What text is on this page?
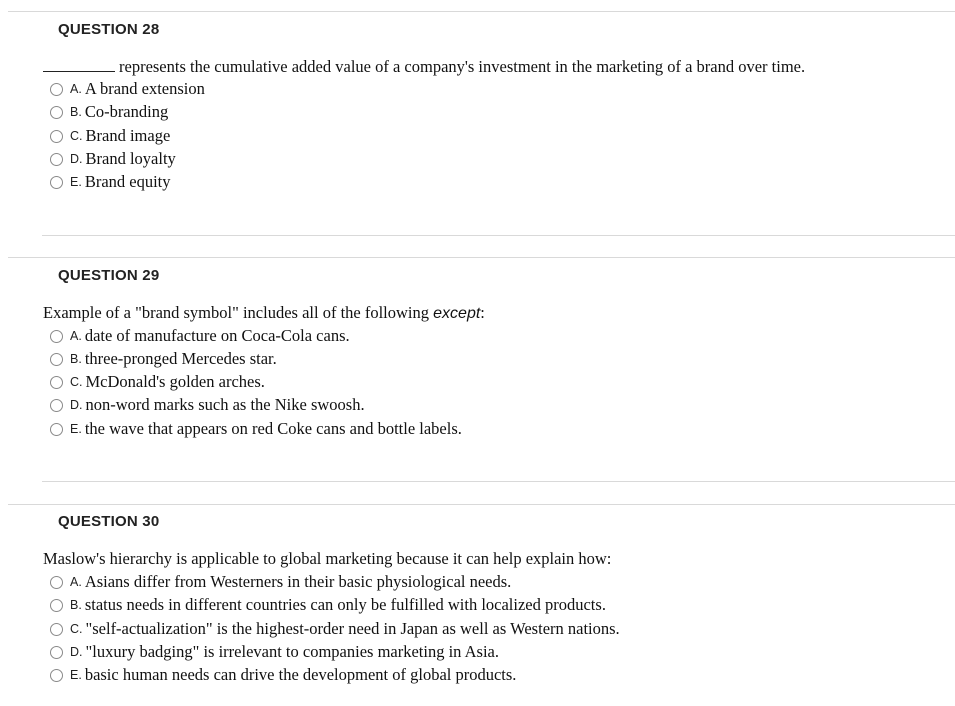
QUESTION 28
represents the cumulative added value of a company's investment in the marketing of a brand over time.
A. A brand extension
B. Co-branding
C. Brand image
D. Brand loyalty
E. Brand equity
QUESTION 29
Example of a "brand symbol" includes all of the following except:
A. date of manufacture on Coca-Cola cans.
B. three-pronged Mercedes star.
C. McDonald's golden arches.
D. non-word marks such as the Nike swoosh.
E. the wave that appears on red Coke cans and bottle labels.
QUESTION 30
Maslow's hierarchy is applicable to global marketing because it can help explain how:
A. Asians differ from Westerners in their basic physiological needs.
B. status needs in different countries can only be fulfilled with localized products.
C. "self-actualization" is the highest-order need in Japan as well as Western nations.
D. "luxury badging" is irrelevant to companies marketing in Asia.
E. basic human needs can drive the development of global products.
